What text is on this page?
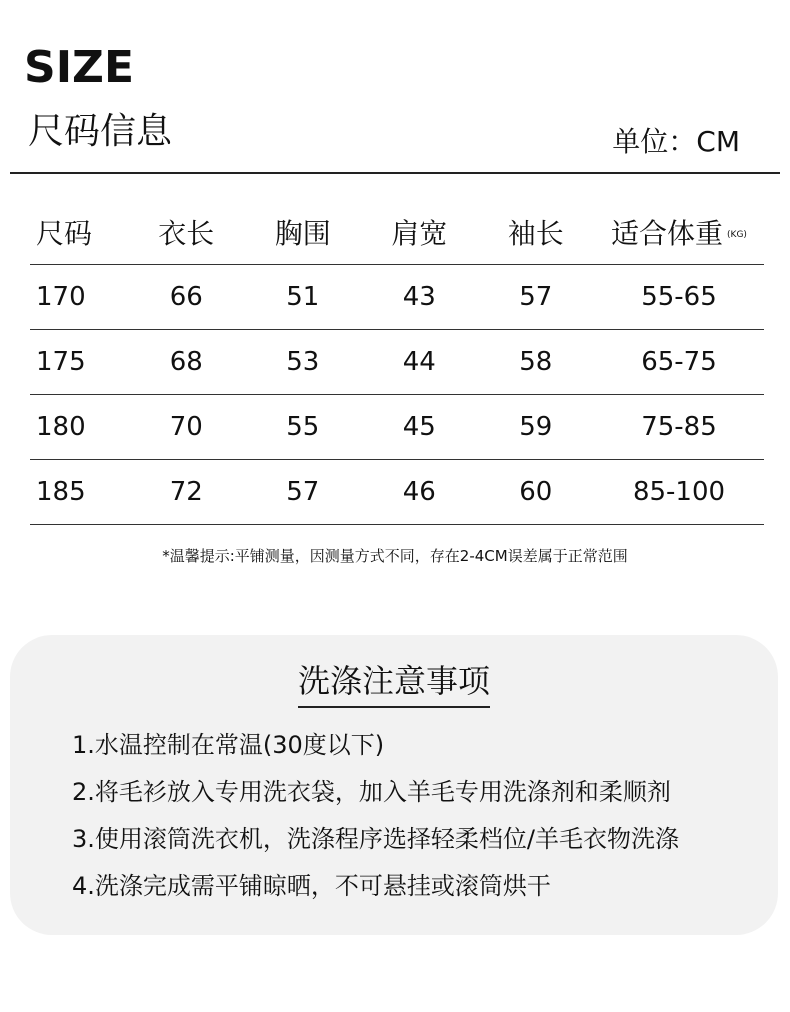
SIZE
尺码信息	单位：CM
尺码	衣长	胸围	肩宽	袖长	适合体重 (KG)
170	66	51	43	57	55-65
175	68	53	44	58	65-75
180	70	55	45	59	75-85
185	72	57	46	60	85-100
*温馨提示:平铺测量，因测量方式不同，存在2-4CM误差属于正常范围
洗涤注意事项
1.水温控制在常温(30度以下)
2.将毛衫放入专用洗衣袋，加入羊毛专用洗涤剂和柔顺剂
3.使用滚筒洗衣机，洗涤程序选择轻柔档位/羊毛衣物洗涤
4.洗涤完成需平铺晾晒，不可悬挂或滚筒烘干
